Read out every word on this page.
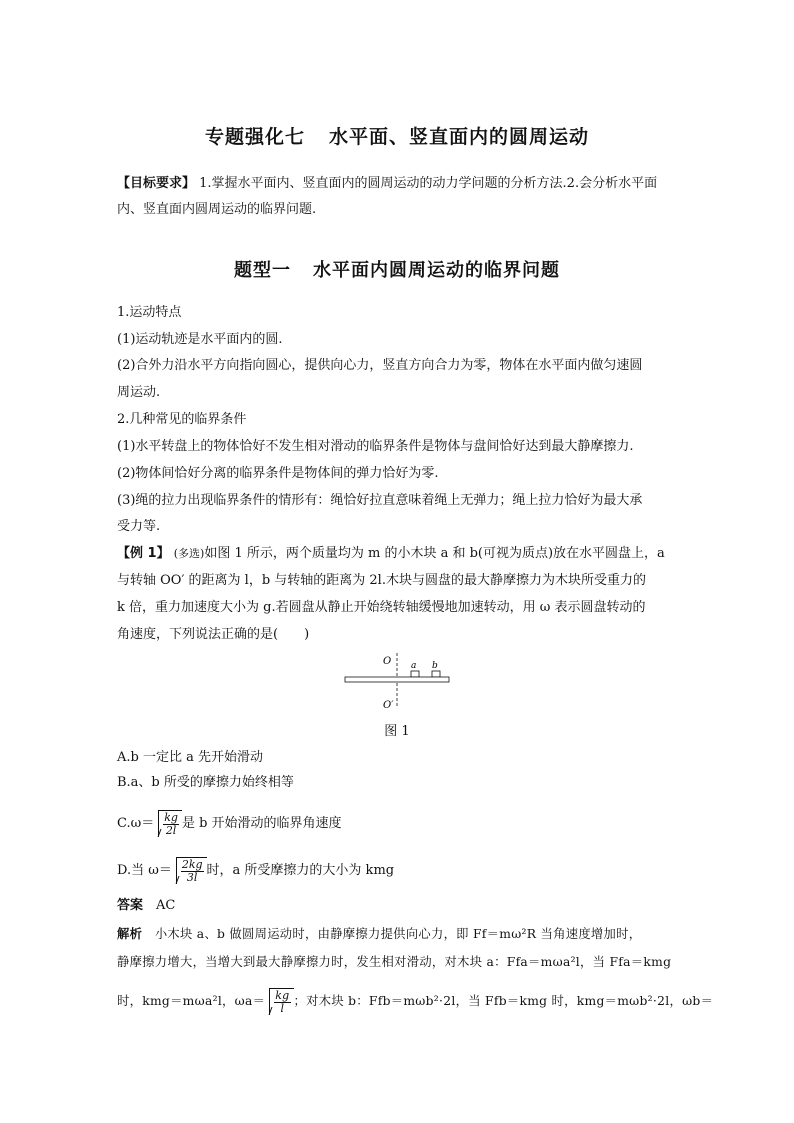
专题强化七 水平面、竖直面内的圆周运动

【目标要求】 1.掌握水平面内、竖直面内的圆周运动的动力学问题的分析方法.2.会分析水平面

内、竖直面内圆周运动的临界问题.

题型一 水平面内圆周运动的临界问题

1.运动特点

(1)运动轨迹是水平面内的圆.

(2)合外力沿水平方向指向圆心，提供向心力，竖直方向合力为零，物体在水平面内做匀速圆

周运动.

2.几种常见的临界条件

(1)水平转盘上的物体恰好不发生相对滑动的临界条件是物体与盘间恰好达到最大静摩擦力.

(2)物体间恰好分离的临界条件是物体间的弹力恰好为零.

(3)绳的拉力出现临界条件的情形有：绳恰好拉直意味着绳上无弹力；绳上拉力恰好为最大承

受力等.

【例 1】 (多选)如图 1 所示，两个质量均为 m 的小木块 a 和 b(可视为质点)放在水平圆盘上，a

与转轴 OO′ 的距离为 l，b 与转轴的距离为 2l.木块与圆盘的最大静摩擦力为木块所受重力的

k 倍，重力加速度大小为 g.若圆盘从静止开始绕转轴缓慢地加速转动，用 ω 表示圆盘转动的

角速度，下列说法正确的是(　　)

O a b
O′
图 1

A.b 一定比 a 先开始滑动

B.a、b 所受的摩擦力始终相等

$C.\omega= \frac{kg}{2l}$ 是 b 开始滑动的临界角速度

D.当 $\omega= \frac{2kg}{3l}$ 时，a 所受摩擦力的大小为 kmg

答案　 AC

解析　 小木块 a、b 做圆周运动时，由静摩擦力提供向心力，即 Ff＝mω²R 当角速度增加时，

静摩擦力增大，当增大到最大静摩擦力时，发生相对滑动，对木块 a：Ffa＝mωa²l，当 Ffa＝kmg

时，kmg＝mωa²l，$\omega a= \frac{kg}{l}$ ；对木块 b：Ffb＝mωb²·2l，当 Ffb＝kmg 时，kmg＝mωb²·2l，ωb＝
